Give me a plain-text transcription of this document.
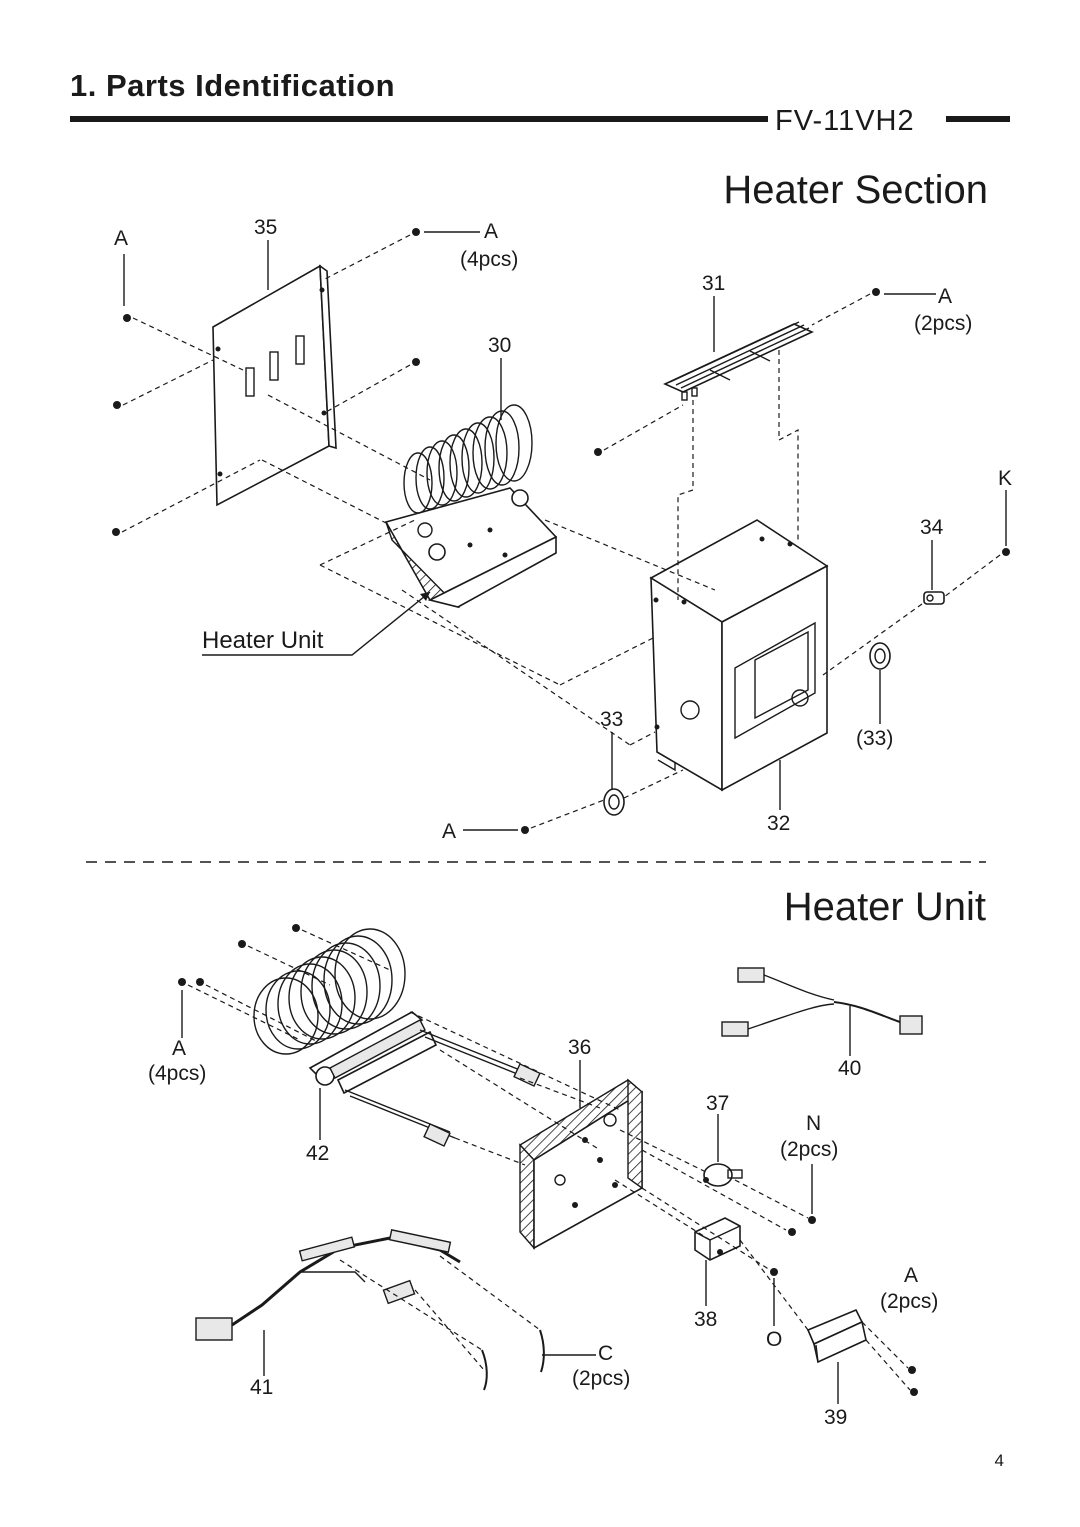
1. Parts Identification
FV-11VH2
Heater Section
A	35	A
(4pcs)
30
31
A
(2pcs)
K
34
Heater Unit
33
(33)
32
A
Heater Unit
A
(4pcs)
36
40
37
N
(2pcs)
42
A
(2pcs)
38
O
C
(2pcs)
41
39
4
